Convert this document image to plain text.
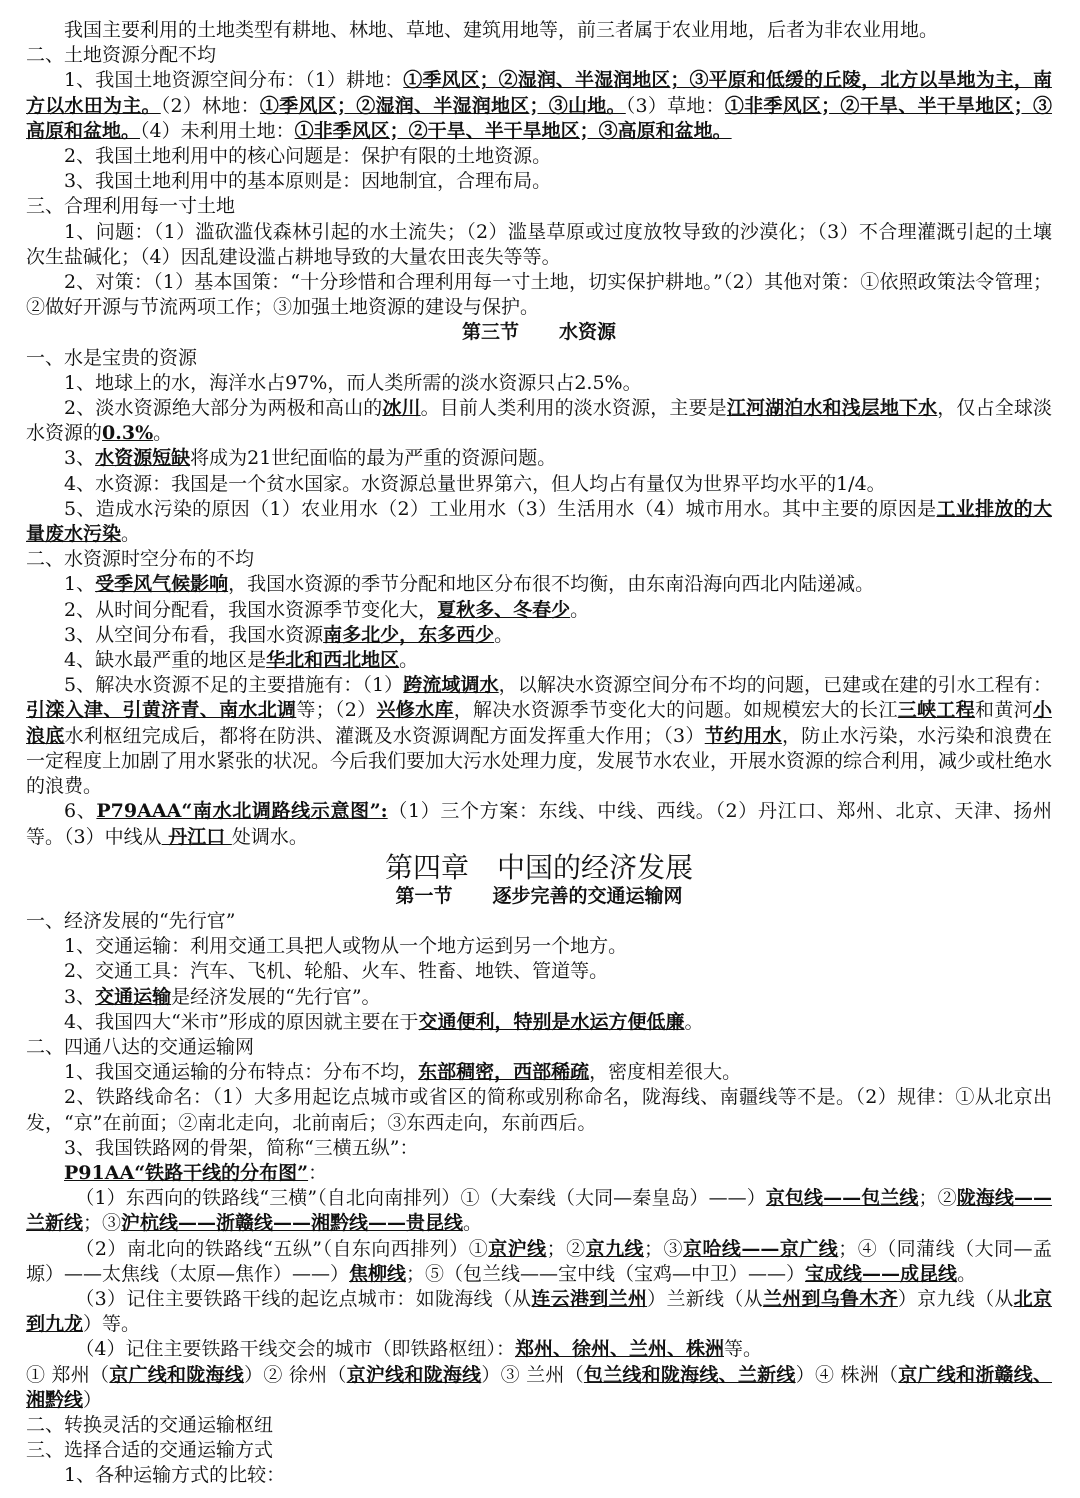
我国主要利用的土地类型有耕地、林地、草地、建筑用地等，前三者属于农业用地，后者为非农业用地。

二、土地资源分配不均

1、我国土地资源空间分布：（1）耕地：①季风区；②湿润、半湿润地区；③平原和低缓的丘陵，北方以旱地为主，南方以水田为主。（2）林地：①季风区；②湿润、半湿润地区；③山地。（3）草地：①非季风区；②干旱、半干旱地区；③高原和盆地。（4）未利用土地：①非季风区；②干旱、半干旱地区；③高原和盆地。

2、我国土地利用中的核心问题是：保护有限的土地资源。

3、我国土地利用中的基本原则是：因地制宜，合理布局。

三、合理利用每一寸土地

1、问题：（1）滥砍滥伐森林引起的水土流失；（2）滥垦草原或过度放牧导致的沙漠化；（3）不合理灌溉引起的土壤次生盐碱化；（4）因乱建设滥占耕地导致的大量农田丧失等等。

2、对策：（1）基本国策：“十分珍惜和合理利用每一寸土地，切实保护耕地。”（2）其他对策：①依照政策法令管理；②做好开源与节流两项工作；③加强土地资源的建设与保护。

第三节 水资源

一、水是宝贵的资源

1、地球上的水，海洋水占97%，而人类所需的淡水资源只占2.5%。

2、淡水资源绝大部分为两极和高山的冰川。目前人类利用的淡水资源，主要是江河湖泊水和浅层地下水，仅占全球淡水资源的0.3%。

3、水资源短缺将成为21世纪面临的最为严重的资源问题。

4、水资源：我国是一个贫水国家。水资源总量世界第六，但人均占有量仅为世界平均水平的1/4。

5、造成水污染的原因（1）农业用水（2）工业用水（3）生活用水（4）城市用水。其中主要的原因是工业排放的大量废水污染。

二、水资源时空分布的不均

1、受季风气候影响，我国水资源的季节分配和地区分布很不均衡，由东南沿海向西北内陆递减。

2、从时间分配看，我国水资源季节变化大，夏秋多、冬春少。

3、从空间分布看，我国水资源南多北少，东多西少。

4、缺水最严重的地区是华北和西北地区。

5、解决水资源不足的主要措施有：（1）跨流域调水，以解决水资源空间分布不均的问题，已建或在建的引水工程有：引滦入津、引黄济青、南水北调等；（2）兴修水库，解决水资源季节变化大的问题。如规模宏大的长江三峡工程和黄河小浪底水利枢纽完成后，都将在防洪、灌溉及水资源调配方面发挥重大作用；（3）节约用水，防止水污染，水污染和浪费在一定程度上加剧了用水紧张的状况。今后我们要加大污水处理力度，发展节水农业，开展水资源的综合利用，减少或杜绝水的浪费。

6、P79AAA“南水北调路线示意图”:（1）三个方案：东线、中线、西线。（2）丹江口、郑州、北京、天津、扬州等。（3）中线从 丹江口 处调水。

第四章　中国的经济发展

第一节 逐步完善的交通运输网

一、经济发展的“先行官”

1、交通运输：利用交通工具把人或物从一个地方运到另一个地方。

2、交通工具：汽车、飞机、轮船、火车、牲畜、地铁、管道等。

3、交通运输是经济发展的“先行官”。

4、我国四大“米市”形成的原因就主要在于交通便利，特别是水运方便低廉。

二、四通八达的交通运输网

1、我国交通运输的分布特点：分布不均，东部稠密，西部稀疏，密度相差很大。

2、铁路线命名：（1）大多用起讫点城市或省区的简称或别称命名，陇海线、南疆线等不是。（2）规律：①从北京出发，“京”在前面；②南北走向，北前南后；③东西走向，东前西后。

3、我国铁路网的骨架，简称“三横五纵”：

P91AA“铁路干线的分布图”：

（1）东西向的铁路线“三横”（自北向南排列）①（大秦线（大同—秦皇岛）——）京包线——包兰线；②陇海线——兰新线；③沪杭线——浙赣线——湘黔线——贵昆线。

（2）南北向的铁路线“五纵”（自东向西排列）①京沪线；②京九线；③京哈线——京广线；④（同蒲线（大同—孟塬）——太焦线（太原—焦作）——）焦柳线；⑤（包兰线——宝中线（宝鸡—中卫）——）宝成线——成昆线。

（3）记住主要铁路干线的起讫点城市：如陇海线（从连云港到兰州）兰新线（从兰州到乌鲁木齐）京九线（从北京到九龙）等。

（4）记住主要铁路干线交会的城市（即铁路枢纽）：郑州、徐州、兰州、株洲等。

① 郑州（京广线和陇海线）② 徐州（京沪线和陇海线）③ 兰州（包兰线和陇海线、兰新线）④ 株洲（京广线和浙赣线、湘黔线）

二、转换灵活的交通运输枢纽

三、选择合适的交通运输方式

1、各种运输方式的比较：
